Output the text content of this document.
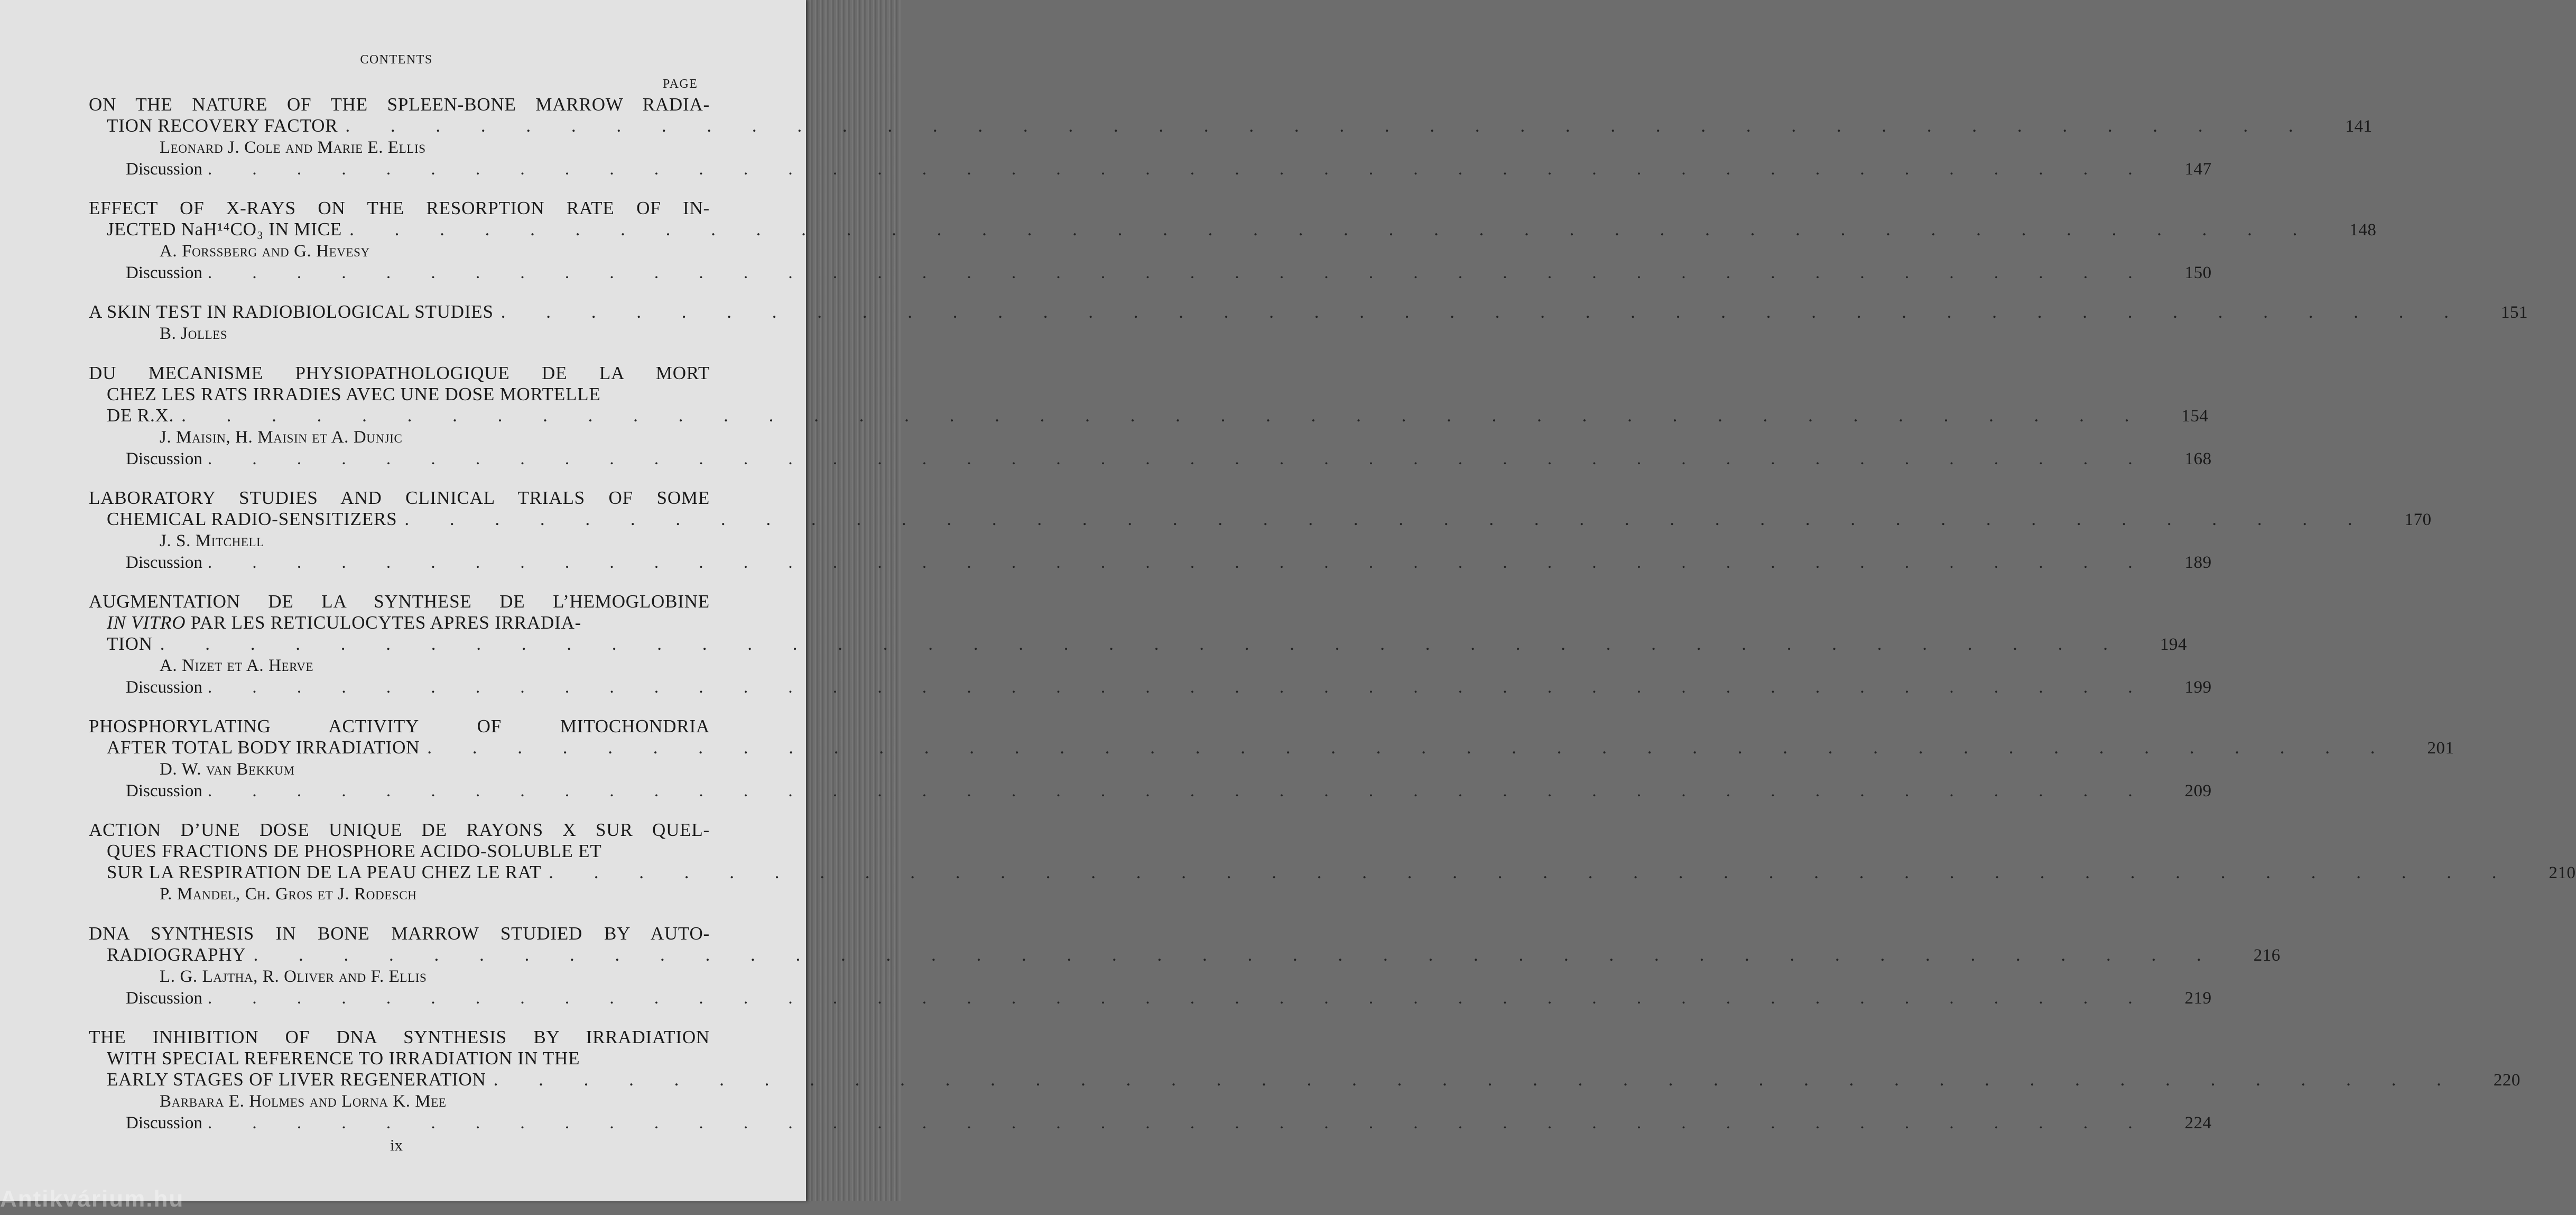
CONTENTS
PAGE
ON THE NATURE OF THE SPLEEN-BONE MARROW RADIA-
TION RECOVERY FACTOR . . . . . . . . . . . . . . . . . . . . . . . . . . . . . . . . . . . . . . . . . . . .	141
Leonard J. Cole and Marie E. Ellis
Discussion . . . . . . . . . . . . . . . . . . . . . . . . . . . . . . . . . . . . . . . . . . . .	147
EFFECT OF X-RAYS ON THE RESORPTION RATE OF IN-
JECTED NaH¹⁴CO₃ IN MICE . . . . . . . . . . . . . . . . . . . . . . . . . . . . . . . . . . . . . . . . . . . .	148
A. Forssberg and G. Hevesy
Discussion . . . . . . . . . . . . . . . . . . . . . . . . . . . . . . . . . . . . . . . . . . . .	150
A SKIN TEST IN RADIOBIOLOGICAL STUDIES . . . . . . . . . . . . . . . . . . . . . . . . . . . . . . . . . . . . . . . . . . . .	151
B. Jolles
DU MECANISME PHYSIOPATHOLOGIQUE DE LA MORT
CHEZ LES RATS IRRADIES AVEC UNE DOSE MORTELLE
DE R.X. . . . . . . . . . . . . . . . . . . . . . . . . . . . . . . . . . . . . . . . . . . . .	154
J. Maisin, H. Maisin et A. Dunjic
Discussion . . . . . . . . . . . . . . . . . . . . . . . . . . . . . . . . . . . . . . . . . . . .	168
LABORATORY STUDIES AND CLINICAL TRIALS OF SOME
CHEMICAL RADIO-SENSITIZERS . . . . . . . . . . . . . . . . . . . . . . . . . . . . . . . . . . . . . . . . . . . .	170
J. S. Mitchell
Discussion . . . . . . . . . . . . . . . . . . . . . . . . . . . . . . . . . . . . . . . . . . . .	189
AUGMENTATION DE LA SYNTHESE DE L’HEMOGLOBINE
IN VITRO PAR LES RETICULOCYTES APRES IRRADIA-
TION . . . . . . . . . . . . . . . . . . . . . . . . . . . . . . . . . . . . . . . . . . . .	194
A. Nizet et A. Herve
Discussion . . . . . . . . . . . . . . . . . . . . . . . . . . . . . . . . . . . . . . . . . . . .	199
PHOSPHORYLATING ACTIVITY OF MITOCHONDRIA
AFTER TOTAL BODY IRRADIATION . . . . . . . . . . . . . . . . . . . . . . . . . . . . . . . . . . . . . . . . . . . .	201
D. W. van Bekkum
Discussion . . . . . . . . . . . . . . . . . . . . . . . . . . . . . . . . . . . . . . . . . . . .	209
ACTION D’UNE DOSE UNIQUE DE RAYONS X SUR QUEL-
QUES FRACTIONS DE PHOSPHORE ACIDO-SOLUBLE ET
SUR LA RESPIRATION DE LA PEAU CHEZ LE RAT . . . . . . . . . . . . . . . . . . . . . . . . . . . . . . . . . . . . . . . . . . . .	210
P. Mandel, Ch. Gros et J. Rodesch
DNA SYNTHESIS IN BONE MARROW STUDIED BY AUTO-
RADIOGRAPHY . . . . . . . . . . . . . . . . . . . . . . . . . . . . . . . . . . . . . . . . . . . .	216
L. G. Lajtha, R. Oliver and F. Ellis
Discussion . . . . . . . . . . . . . . . . . . . . . . . . . . . . . . . . . . . . . . . . . . . .	219
THE INHIBITION OF DNA SYNTHESIS BY IRRADIATION
WITH SPECIAL REFERENCE TO IRRADIATION IN THE
EARLY STAGES OF LIVER REGENERATION . . . . . . . . . . . . . . . . . . . . . . . . . . . . . . . . . . . . . . . . . . . .	220
Barbara E. Holmes and Lorna K. Mee
Discussion . . . . . . . . . . . . . . . . . . . . . . . . . . . . . . . . . . . . . . . . . . . .	224
ix
Antikvárium.hu
